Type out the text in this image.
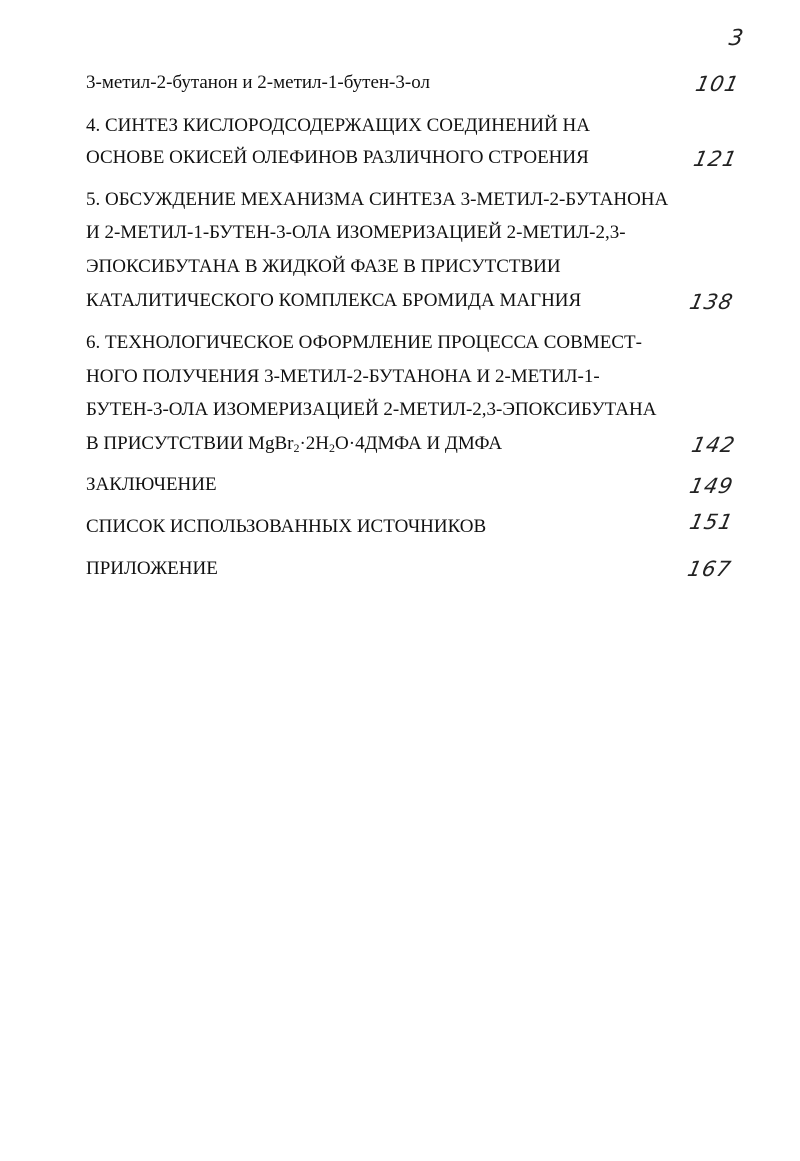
3
3-метил-2-бутанон и 2-метил-1-бутен-3-ол	101
4. СИНТЕЗ КИСЛОРОДСОДЕРЖАЩИХ СОЕДИНЕНИЙ НА
ОСНОВЕ ОКИСЕЙ ОЛЕФИНОВ РАЗЛИЧНОГО СТРОЕНИЯ	121
5. ОБСУЖДЕНИЕ МЕХАНИЗМА СИНТЕЗА 3-МЕТИЛ-2-БУТАНОНА
И 2-МЕТИЛ-1-БУТЕН-3-ОЛА ИЗОМЕРИЗАЦИЕЙ 2-МЕТИЛ-2,3-
ЭПОКСИБУТАНА В ЖИДКОЙ ФАЗЕ В ПРИСУТСТВИИ
КАТАЛИТИЧЕСКОГО КОМПЛЕКСА БРОМИДА МАГНИЯ	138
6. ТЕХНОЛОГИЧЕСКОЕ ОФОРМЛЕНИЕ ПРОЦЕССА СОВМЕСТ-
НОГО ПОЛУЧЕНИЯ 3-МЕТИЛ-2-БУТАНОНА И 2-МЕТИЛ-1-
БУТЕН-3-ОЛА ИЗОМЕРИЗАЦИЕЙ 2-МЕТИЛ-2,3-ЭПОКСИБУТАНА
В ПРИСУТСТВИИ $MgBr_2\cdot 2H_2O\cdot 4ДМФА$ И ДМФА	142
ЗАКЛЮЧЕНИЕ	149
СПИСОК ИСПОЛЬЗОВАННЫХ ИСТОЧНИКОВ	151
ПРИЛОЖЕНИЕ	167
